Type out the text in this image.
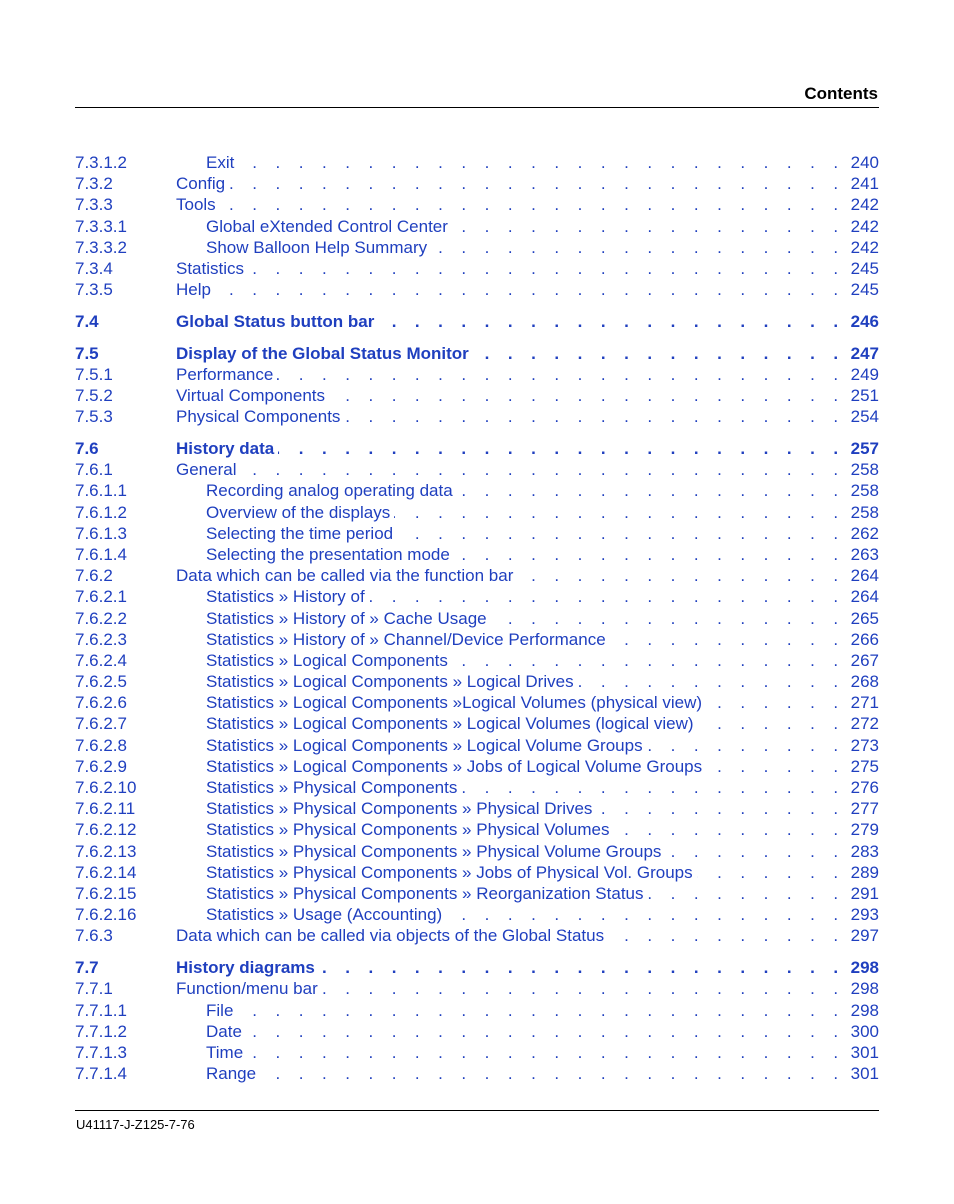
Contents
7.3.1.2	Exit . . .	240
7.3.2	Config . . .	241
7.3.3	Tools . . .	242
7.3.3.1	Global eXtended Control Center . . .	242
7.3.3.2	Show Balloon Help Summary . . .	242
7.3.4	Statistics . . .	245
7.3.5	Help . . .	245
7.4	Global Status button bar . . .	246
7.5	Display of the Global Status Monitor . . .	247
7.5.1	Performance . . .	249
7.5.2	Virtual Components . . .	251
7.5.3	Physical Components . . .	254
7.6	History data . . .	257
7.6.1	General . . .	258
7.6.1.1	Recording analog operating data . . .	258
7.6.1.2	Overview of the displays . . .	258
7.6.1.3	Selecting the time period . . .	262
7.6.1.4	Selecting the presentation mode . . .	263
7.6.2	Data which can be called via the function bar . . .	264
7.6.2.1	Statistics » History of . . .	264
7.6.2.2	Statistics » History of » Cache Usage . . .	265
7.6.2.3	Statistics » History of » Channel/Device Performance . . .	266
7.6.2.4	Statistics » Logical Components . . .	267
7.6.2.5	Statistics » Logical Components » Logical Drives . . .	268
7.6.2.6	Statistics » Logical Components »Logical Volumes (physical view) . . .	271
7.6.2.7	Statistics » Logical Components » Logical Volumes (logical view) . . .	272
7.6.2.8	Statistics » Logical Components » Logical Volume Groups . . .	273
7.6.2.9	Statistics » Logical Components » Jobs of Logical Volume Groups . . .	275
7.6.2.10	Statistics » Physical Components . . .	276
7.6.2.11	Statistics » Physical Components » Physical Drives . . .	277
7.6.2.12	Statistics » Physical Components » Physical Volumes . . .	279
7.6.2.13	Statistics » Physical Components » Physical Volume Groups . . .	283
7.6.2.14	Statistics » Physical Components » Jobs of Physical Vol. Groups . . .	289
7.6.2.15	Statistics » Physical Components » Reorganization Status . . .	291
7.6.2.16	Statistics » Usage (Accounting) . . .	293
7.6.3	Data which can be called via objects of the Global Status . . .	297
7.7	History diagrams . . .	298
7.7.1	Function/menu bar . . .	298
7.7.1.1	File . . .	298
7.7.1.2	Date . . .	300
7.7.1.3	Time . . .	301
7.7.1.4	Range . . .	301
U41117-J-Z125-7-76
